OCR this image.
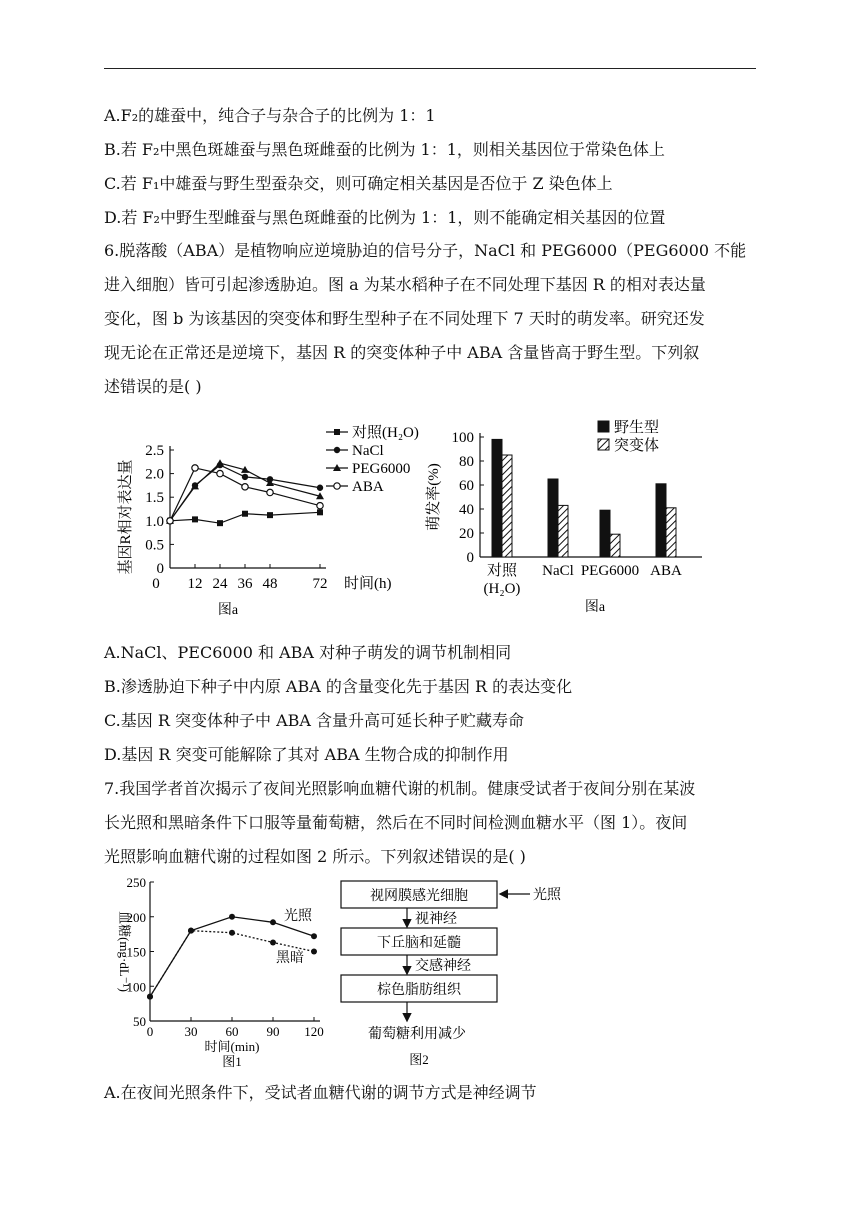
A.F₂的雄蚕中，纯合子与杂合子的比例为 1：1
B.若 F₂中黑色斑雄蚕与黑色斑雌蚕的比例为 1：1，则相关基因位于常染色体上
C.若 F₁中雄蚕与野生型蚕杂交，则可确定相关基因是否位于 Z 染色体上
D.若 F₂中野生型雌蚕与黑色斑雌蚕的比例为 1：1，则不能确定相关基因的位置
6.脱落酸（ABA）是植物响应逆境胁迫的信号分子，NaCl 和 PEG6000（PEG6000 不能
进入细胞）皆可引起渗透胁迫。图 a 为某水稻种子在不同处理下基因 R 的相对表达量
变化，图 b 为该基因的突变体和野生型种子在不同处理下 7 天时的萌发率。研究还发
现无论在正常还是逆境下，基因 R 的突变体种子中 ABA 含量皆高于野生型。下列叙
述错误的是( )
0
0.5
1.0
1.5
2.0
2.5
0 12 24 36 48 72 时间(h)
基因R相对表达量
图a
对照(H₂O)
NaCl
PEG6000
ABA
0
20
40
60
80
100
萌发率(%)
对照
(H₂O)
NaCl PEG6000 ABA
图a
野生型
突变体
A.NaCl、PEC6000 和 ABA 对种子萌发的调节机制相同
B.渗透胁迫下种子中内原 ABA 的含量变化先于基因 R 的表达变化
C.基因 R 突变体种子中 ABA 含量升高可延长种子贮藏寿命
D.基因 R 突变可能解除了其对 ABA 生物合成的抑制作用
7.我国学者首次揭示了夜间光照影响血糖代谢的机制。健康受试者于夜间分别在某波
长光照和黑暗条件下口服等量葡萄糖，然后在不同时间检测血糖水平（图 1）。夜间
光照影响血糖代谢的过程如图 2 所示。下列叙述错误的是( )
50
100
150
200
250
0 30 60 90 120
时间(min)
血糖(mg·dL⁻¹)
图1
光照
黑暗
视网膜感光细胞	光照
视神经
下丘脑和延髓
交感神经
棕色脂肪组织
葡萄糖利用减少
图2
A.在夜间光照条件下，受试者血糖代谢的调节方式是神经调节
